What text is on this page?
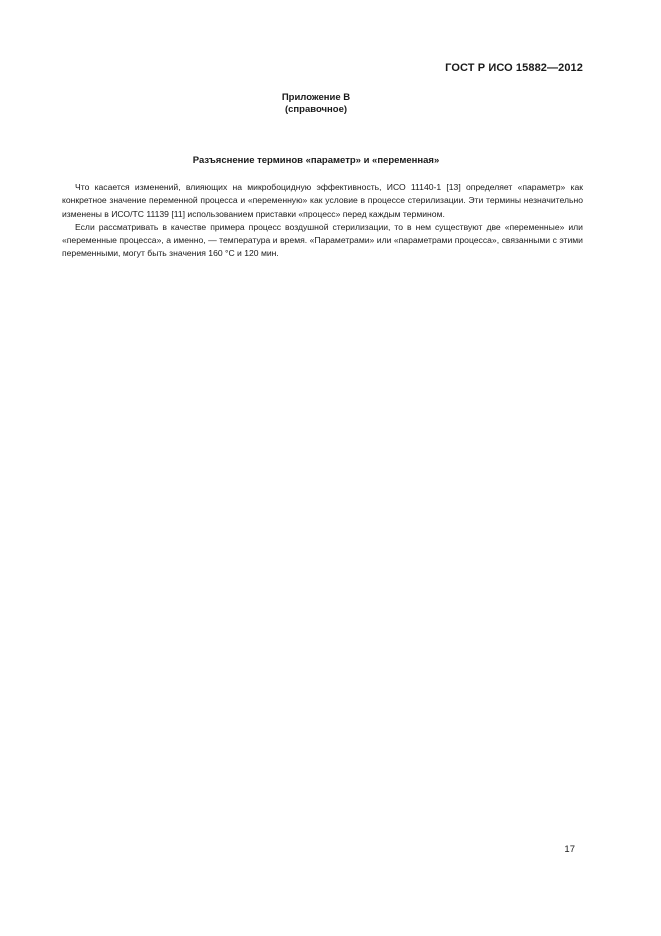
ГОСТ Р ИСО 15882—2012
Приложение В
(справочное)
Разъяснение терминов «параметр» и «переменная»

Что касается изменений, влияющих на микробоцидную эффективность, ИСО 11140-1 [13] определяет «параметр» как конкретное значение переменной процесса и «переменную» как условие в процессе стерилизации. Эти термины незначительно изменены в ИСО/ТС 11139 [11] использованием приставки «процесс» перед каждым термином.

Если рассматривать в качестве примера процесс воздушной стерилизации, то в нем существуют две «переменные» или «переменные процесса», а именно, — температура и время. «Параметрами» или «параметрами процесса», связанными с этими переменными, могут быть значения 160 °С и 120 мин.

17
